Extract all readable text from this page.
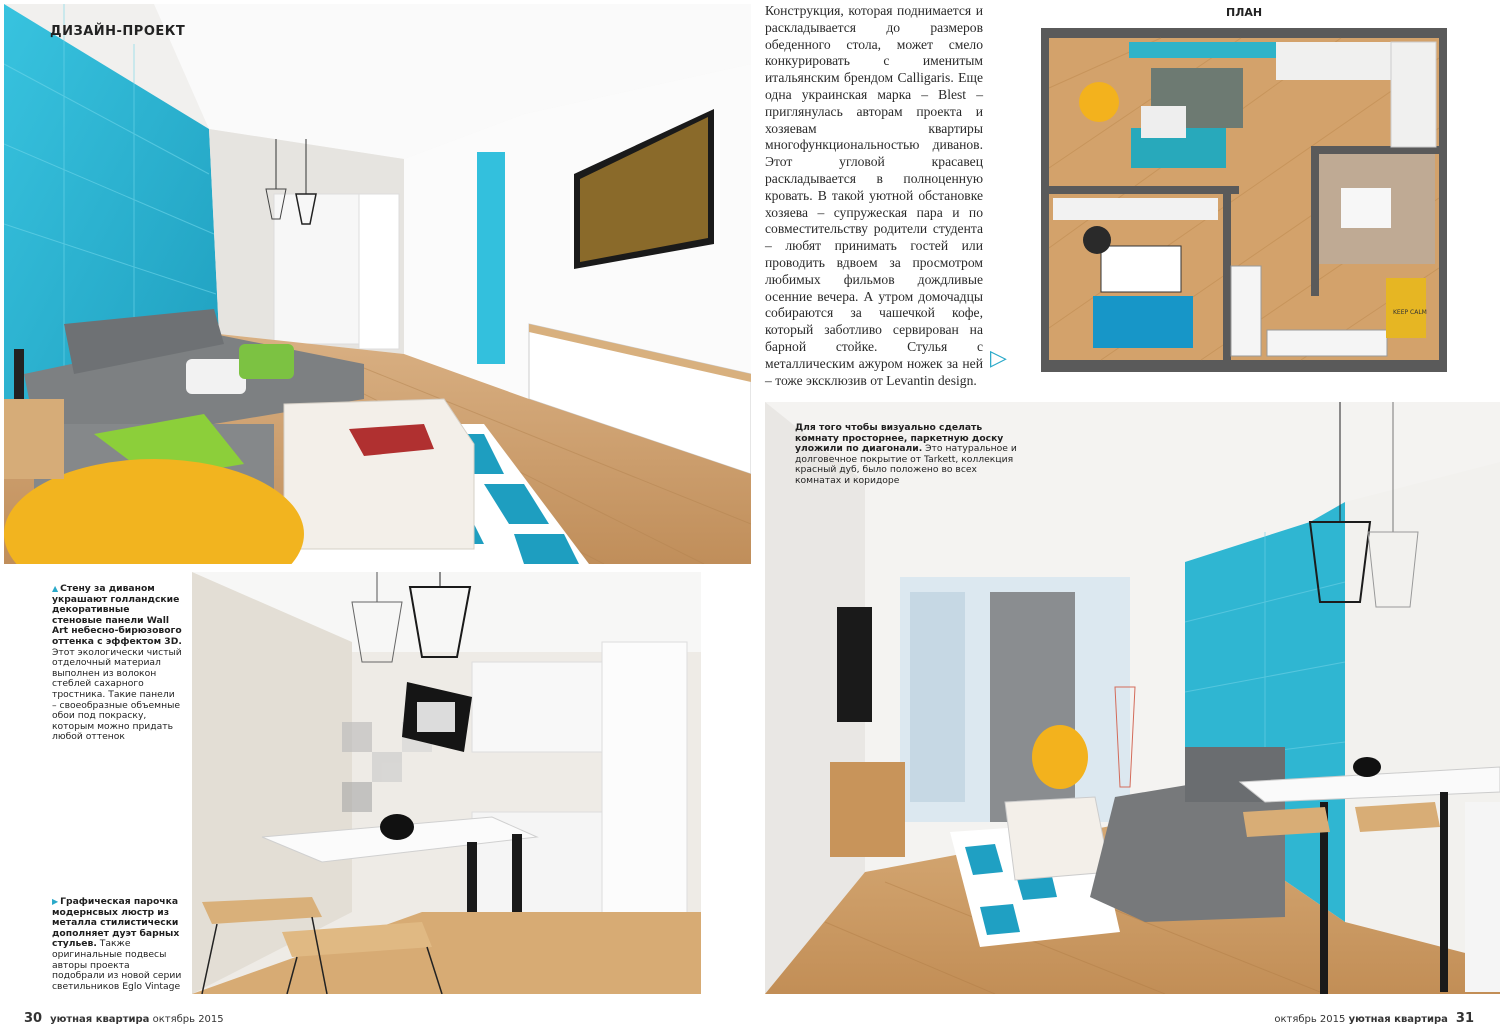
ДИЗАЙН-ПРОЕКТ
Конструкция, которая поднимается и раскладывается до размеров обеденного стола, может смело конкурировать с именитым итальянским брендом Calligaris. Еще одна украинская марка – Blest – приглянулась авторам проекта и хозяевам квартиры многофункциональностью диванов. Этот угловой красавец раскладывается в полноценную кровать. В такой уютной обстановке хозяева – супружеская пара и по совместительству родители студента – любят принимать гостей или проводить вдвоем за просмотром любимых фильмов дождливые осенние вечера. А утром домочадцы собираются за чашечкой кофе, который заботливо сервирован на барной стойке. Стулья с металлическим ажуром ножек за ней – тоже эксклюзив от Levantin design.
▷
ПЛАН
KEEP CALM
▲ Стену за диваном украшают голландские декоративные стеновые панели Wall Art небесно-бирюзового оттенка с эффектом 3D. Этот экологически чистый отделочный материал выполнен из волокон стеблей сахарного тростника. Такие панели – своеобразные объемные обои под покраску, которым можно придать любой оттенок
▶ Графическая парочка модернсвых люстр из металла стилистически дополняет дуэт барных стульев. Также оригинальные подвесы авторы проекта подобрали из новой серии светильников Eglo Vintage
Для того чтобы визуально сделать комнату просторнее, паркетную доску уложили по диагонали. Это натуральное и долговечное покрытие от Tarkett, коллекция красный дуб, было положено во всех комнатах и коридоре
30 уютная квартира октябрь 2015	октябрь 2015 уютная квартира 31
